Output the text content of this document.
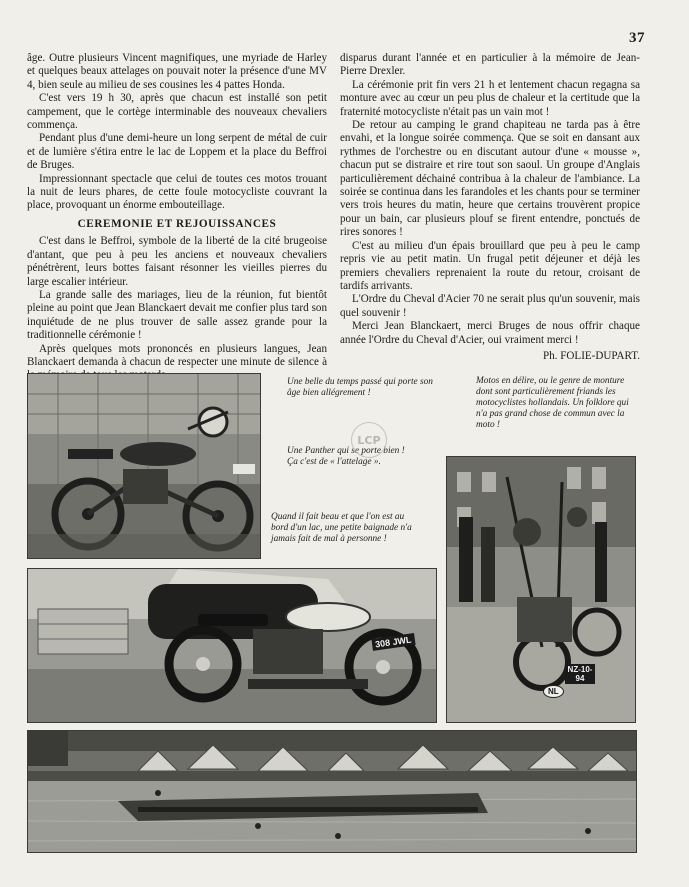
37

âge. Outre plusieurs Vincent magnifiques, une myriade de Harley et quelques beaux attelages on pouvait noter la présence d'une MV 4, bien seule au milieu de ses cousines les 4 pattes Honda.

C'est vers 19 h 30, après que chacun est installé son petit campement, que le cortège interminable des nouveaux chevaliers commença.

Pendant plus d'une demi-heure un long serpent de métal de cuir et de lumière s'étira entre le lac de Loppem et la place du Beffroi de Bruges.

Impressionnant spectacle que celui de toutes ces motos trouant la nuit de leurs phares, de cette foule motocycliste couvrant la place, provoquant un énorme embouteillage.

CEREMONIE ET REJOUISSANCES

C'est dans le Beffroi, symbole de la liberté de la cité brugeoise d'antant, que peu à peu les anciens et nouveaux chevaliers pénétrèrent, leurs bottes faisant résonner les vieilles pierres du large escalier intérieur.

La grande salle des mariages, lieu de la réunion, fut bientôt pleine au point que Jean Blanckaert devait me confier plus tard son inquiétude de ne plus trouver de salle assez grande pour la traditionnelle cérémonie !

Après quelques mots prononcés en plusieurs langues, Jean Blanckaert demanda à chacun de respecter une minute de silence à

disparus durant l'année et en particulier à la mémoire de Jean-Pierre Drexler.

La cérémonie prit fin vers 21 h et lentement chacun regagna sa monture avec au cœur un peu plus de chaleur et la certitude que la fraternité motocycliste n'était pas un vain mot !

De retour au camping le grand chapiteau ne tarda pas à être envahi, et la longue soirée commença. Que se soit en dansant aux rythmes de l'orchestre ou en discutant autour d'une « mousse », chacun put se distraire et rire tout son saoul. Un groupe d'Anglais particulièrement déchainé contribua à la chaleur de l'ambiance. La soirée se continua dans les farandoles et les chants pour se terminer vers trois heures du matin, heure que certains trouvèrent propice pour un bain, car plusieurs plouf se firent entendre, ponctués de rires sonores !

C'est au milieu d'un épais brouillard que peu à peu le camp repris vie au petit matin. Un frugal petit déjeuner et déjà les premiers chevaliers reprenaient la route du retour, croisant de tardifs arrivants.

L'Ordre du Cheval d'Acier 70 ne serait plus qu'un souvenir, mais quel souvenir !

Merci Jean Blanckaert, merci Bruges de nous offrir chaque année l'Ordre du Cheval d'Acier, oui vraiment merci !

Ph. FOLIE-DUPART.

308 JWL
NZ-10-94
NL
Une belle du temps passé qui porte son âge bien allégrement !
Une Panther qui se porte bien ! Ça c'est de « l'attelage ».
Quand il fait beau et que l'on est au bord d'un lac, une petite baignade n'a jamais fait de mal à personne !
Motos en délire, ou le genre de monture dont sont particulièrement friands les motocyclistes hollandais. Un folklore qui n'a pas grand chose de commun avec la moto !
LCP
